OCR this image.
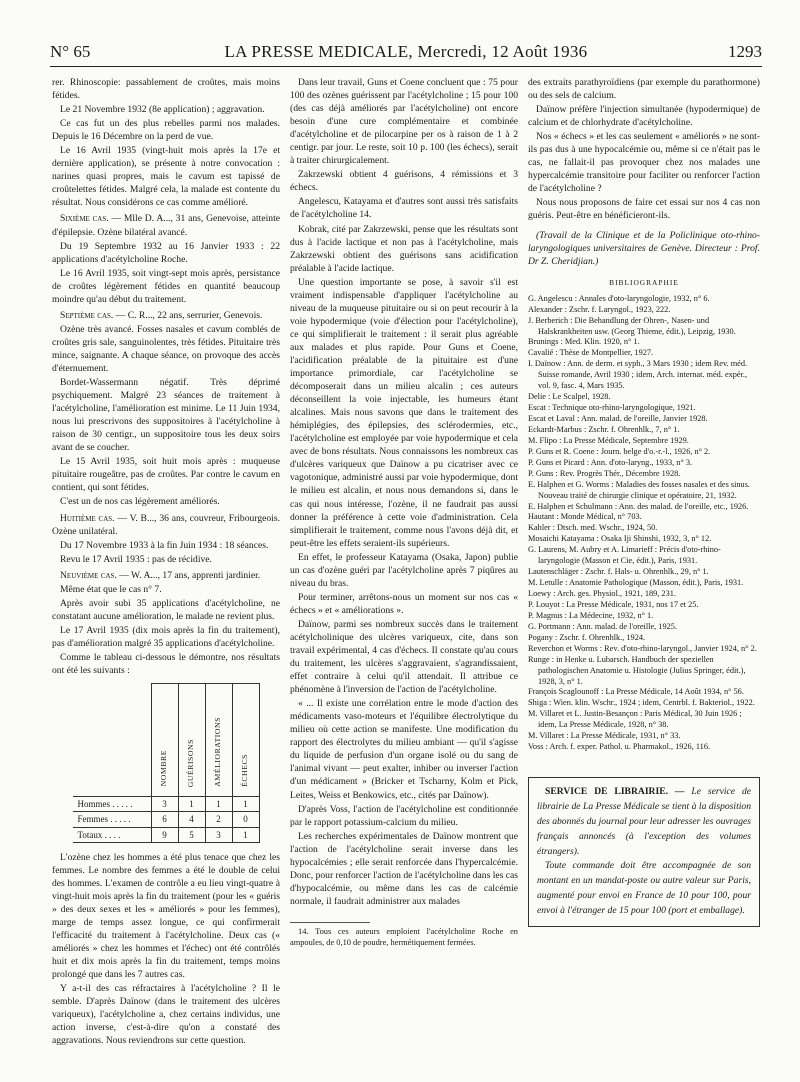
N° 65	LA PRESSE MEDICALE, Mercredi, 12 Août 1936	1293

rer. Rhinoscopie: passablement de croûtes, mais moins fétides.

Le 21 Novembre 1932 (8e application) ; aggravation.

Ce cas fut un des plus rebelles parmi nos malades. Depuis le 16 Décembre on la perd de vue.

Le 16 Avril 1935 (vingt-huit mois après la 17e et dernière application), se présente à notre convocation : narines quasi propres, mais le cavum est tapissé de croûtelettes fétides. Malgré cela, la malade est contente du résultat. Nous considérons ce cas comme amélioré.

Sixième cas. — Mlle D. A..., 31 ans, Genevoise, atteinte d'épilepsie. Ozène bilatéral avancé.

Du 19 Septembre 1932 au 16 Janvier 1933 : 22 applications d'acétylcholine Roche.

Le 16 Avril 1935, soit vingt-sept mois après, persistance de croûtes légèrement fétides en quantité beaucoup moindre qu'au début du traitement.

Septième cas. — C. R..., 22 ans, serrurier, Genevois.

Ozène très avancé. Fosses nasales et cavum comblés de croûtes gris sale, sanguinolentes, très fétides. Pituitaire très mince, saignante. A chaque séance, on provoque des accès d'éternuement.

Bordet-Wassermann négatif. Très déprimé psychiquement. Malgré 23 séances de traitement à l'acétylcholine, l'amélioration est minime. Le 11 Juin 1934, nous lui prescrivons des suppositoires à l'acétylcholine à raison de 30 centigr., un suppositoire tous les deux soirs avant de se coucher.

Le 15 Avril 1935, soit huit mois après : muqueuse pituitaire rougeâtre, pas de croûtes. Par contre le cavum en contient, qui sont fétides.

C'est un de nos cas légèrement améliorés.

Huitième cas. — V. B..., 36 ans, couvreur, Fribourgeois. Ozène unilatéral.

Du 17 Novembre 1933 à la fin Juin 1934 : 18 séances.

Revu le 17 Avril 1935 : pas de récidive.

Neuvième cas. — W. A..., 17 ans, apprenti jardinier.

Même état que le cas n° 7.

Après avoir subi 35 applications d'acétylcholine, ne constatant aucune amélioration, le malade ne revient plus.

Le 17 Avril 1935 (dix mois après la fin du traitement), pas d'amélioration malgré 35 applications d'acétylcholine.

Comme le tableau ci-dessous le démontre, nos résultats ont été les suivants :

	NOMBRE	GUÉRISONS	AMÉLIORATIONS	ÉCHECS
Hommes . . . . .	3	1	1	1
Femmes . . . . .	6	4	2	0
Totaux . . . .	9	5	3	1

L'ozène chez les hommes a été plus tenace que chez les femmes. Le nombre des femmes a été le double de celui des hommes. L'examen de contrôle a eu lieu vingt-quatre à vingt-huit mois après la fin du traitement (pour les « guéris » des deux sexes et les « améliorés » pour les femmes), marge de temps assez longue, ce qui confirmerait l'efficacité du traitement à l'acétylcholine. Deux cas (« améliorés » chez les hommes et l'échec) ont été contrôlés huit et dix mois après la fin du traitement, temps moins prolongé que dans les 7 autres cas.

Y a-t-il des cas réfractaires à l'acétylcholine ? Il le semble. D'après Daïnow (dans le traitement des ulcères variqueux), l'acétylcholine a, chez certains individus, une action inverse, c'est-à-dire qu'on a constaté des aggravations. Nous reviendrons sur cette question.

Dans leur travail, Guns et Coene concluent que : 75 pour 100 des ozènes guérissent par l'acétylcholine ; 15 pour 100 (des cas déjà améliorés par l'acétylcholine) ont encore besoin d'une cure complémentaire et combinée d'acétylcholine et de pilocarpine per os à raison de 1 à 2 centigr. par jour. Le reste, soit 10 p. 100 (les échecs), serait à traiter chirurgicalement.

Zakrzewski obtient 4 guérisons, 4 rémissions et 3 échecs.

Angelescu, Katayama et d'autres sont aussi très satisfaits de l'acétylcholine 14.

Kobrak, cité par Zakrzewski, pense que les résultats sont dus à l'acide lactique et non pas à l'acétylcholine, mais Zakrzewski obtient des guérisons sans acidification préalable à l'acide lactique.

Une question importante se pose, à savoir s'il est vraiment indispensable d'appliquer l'acétylcholine au niveau de la muqueuse pituitaire ou si on peut recourir à la voie hypodermique (voie d'élection pour l'acétylcholine), ce qui simplifierait le traitement : il serait plus agréable aux malades et plus rapide. Pour Guns et Coene, l'acidification préalable de la pituitaire est d'une importance primordiale, car l'acétylcholine se décomposerait dans un milieu alcalin ; ces auteurs déconseillent la voie injectable, les humeurs étant alcalines. Mais nous savons que dans le traitement des hémiplégies, des épilepsies, des sclérodermies, etc., l'acétylcholine est employée par voie hypodermique et cela avec de bons résultats. Nous connaissons les nombreux cas d'ulcères variqueux que Daïnow a pu cicatriser avec ce vagotonique, administré aussi par voie hypodermique, dont le milieu est alcalin, et nous nous demandons si, dans le cas qui nous intéresse, l'ozène, il ne faudrait pas aussi donner la préférence à cette voie d'administration. Cela simplifierait le traitement, comme nous l'avons déjà dit, et peut-être les effets seraient-ils supérieurs.

En effet, le professeur Katayama (Osaka, Japon) publie un cas d'ozène guéri par l'acétylcholine après 7 piqûres au niveau du bras.

Pour terminer, arrêtons-nous un moment sur nos cas « échecs » et « améliorations ».

Daïnow, parmi ses nombreux succès dans le traitement acétylcholinique des ulcères variqueux, cite, dans son travail expérimental, 4 cas d'échecs. Il constate qu'au cours du traitement, les ulcères s'aggravaient, s'agrandissaient, effet contraire à celui qu'il attendait. Il attribue ce phénomène à l'inversion de l'action de l'acétylcholine.

« ... Il existe une corrélation entre le mode d'action des médicaments vaso-moteurs et l'équilibre électrolytique du milieu où cette action se manifeste. Une modification du rapport des électrolytes du milieu ambiant — qu'il s'agisse du liquide de perfusion d'un organe isolé ou du sang de l'animal vivant — peut exalter, inhiber ou inverser l'action d'un médicament » (Bricker et Tscharny, Kolm et Pick, Leites, Weiss et Benkowics, etc., cités par Daïnow).

D'après Voss, l'action de l'acétylcholine est conditionnée par le rapport potassium-calcium du milieu.

Les recherches expérimentales de Daïnow montrent que l'action de l'acétylcholine serait inverse dans les hypocalcémies ; elle serait renforcée dans l'hypercalcémie. Donc, pour renforcer l'action de l'acétylcholine dans les cas d'hypocalcémie, ou même dans les cas de calcémie normale, il faudrait administrer aux malades

14. Tous ces auteurs emploient l'acétylcholine Roche en ampoules, de 0,10 de poudre, hermétiquement fermées.

des extraits parathyroïdiens (par exemple du parathormone) ou des sels de calcium.

Daïnow préfère l'injection simultanée (hypodermique) de calcium et de chlorhydrate d'acétylcholine.

Nos « échecs » et les cas seulement « améliorés » ne sont-ils pas dus à une hypocalcémie ou, même si ce n'était pas le cas, ne fallait-il pas provoquer chez nos malades une hypercalcémie transitoire pour faciliter ou renforcer l'action de l'acétylcholine ?

Nous nous proposons de faire cet essai sur nos 4 cas non guéris. Peut-être en bénéficieront-ils.

(Travail de la Clinique et de la Policlinique oto-rhino-laryngologiques universitaires de Genève. Directeur : Prof. Dr Z. Cheridjian.)

BIBLIOGRAPHIE

G. Angelescu : Annales d'oto-laryngologie, 1932, n° 6.

Alexander : Zschr. f. Laryngol., 1923, 222.

J. Berberich : Die Behandlung der Ohren-, Nasen- und Halskrankheiten usw. (Georg Thieme, édit.), Leipzig, 1930.

Brunings : Med. Klin. 1920, n° 1.

Cavalié : Thèse de Montpellier, 1927.

I. Daïnow : Ann. de derm. et syph., 3 Mars 1930 ; idem Rev. méd. Suisse romande, Avril 1930 ; idem, Arch. internat. méd. expér., vol. 9, fasc. 4, Mars 1935.

Delie : Le Scalpel, 1928.

Escat : Technique oto-rhino-laryngologique, 1921.

Escat et Laval : Ann. malad. de l'oreille, Janvier 1928.

Eckardt-Marbus : Zschr. f. Ohrenhlk., 7, n° 1.

M. Flipo : La Presse Médicale, Septembre 1929.

P. Guns et R. Coene : Journ. belge d'o.-r.-l., 1926, n° 2.

P. Guns et Picard : Ann. d'oto-laryng., 1933, n° 3.

P. Guns : Rev. Progrès Thér., Décembre 1928.

E. Halphen et G. Worms : Maladies des fosses nasales et des sinus. Nouveau traité de chirurgie clinique et opératoire, 21, 1932.

E. Halphen et Schulmann : Ann. des malad. de l'oreille, etc., 1926.

Hautant : Monde Médical, n° 703.

Kahler : Dtsch. med. Wschr., 1924, 50.

Mosaichi Katayama : Osaka Iji Shinshi, 1932, 3, n° 12.

G. Laurens, M. Aubry et A. Limarieff : Précis d'oto-rhino-laryngologie (Masson et Cie, édit.), Paris, 1931.

Lautenschläger : Zschr. f. Hals- u. Ohrenhlk., 29, n° 1.

M. Letulle : Anatomie Pathologique (Masson, édit.), Paris, 1931.

Loewy : Arch. ges. Physiol., 1921, 189, 231.

P. Louyot : La Presse Médicale, 1931, nos 17 et 25.

P. Magnus : La Médecine, 1932, n° 1.

G. Portmann : Ann. malad. de l'oreille, 1925.

Pogany : Zschr. f. Ohrenhlk., 1924.

Reverchon et Worms : Rev. d'oto-rhino-laryngol., Janvier 1924, n° 2.

Runge : in Henke u. Lubarsch. Handbuch der speziellen pathologischen Anatomie u. Histologie (Julius Springer, édit.), 1928, 3, n° 1.

François Scaglounoff : La Presse Médicale, 14 Août 1934, n° 56.

Shiga : Wien. klin. Wschr., 1924 ; idem, Centrbl. f. Bakteriol., 1922.

M. Villaret et L. Justin-Besançon : Paris Médical, 30 Juin 1926 ; idem, La Presse Médicale, 1928, n° 38.

M. Villaret : La Presse Médicale, 1931, n° 33.

Voss : Arch. f. exper. Pathol. u. Pharmakol., 1926, 116.

SERVICE DE LIBRAIRIE. — Le service de librairie de La Presse Médicale se tient à la disposition des abonnés du journal pour leur adresser les ouvrages français annoncés (à l'exception des volumes étrangers).

Toute commande doit être accompagnée de son montant en un mandat-poste ou autre valeur sur Paris, augmenté pour envoi en France de 10 pour 100, pour envoi à l'étranger de 15 pour 100 (port et emballage).
